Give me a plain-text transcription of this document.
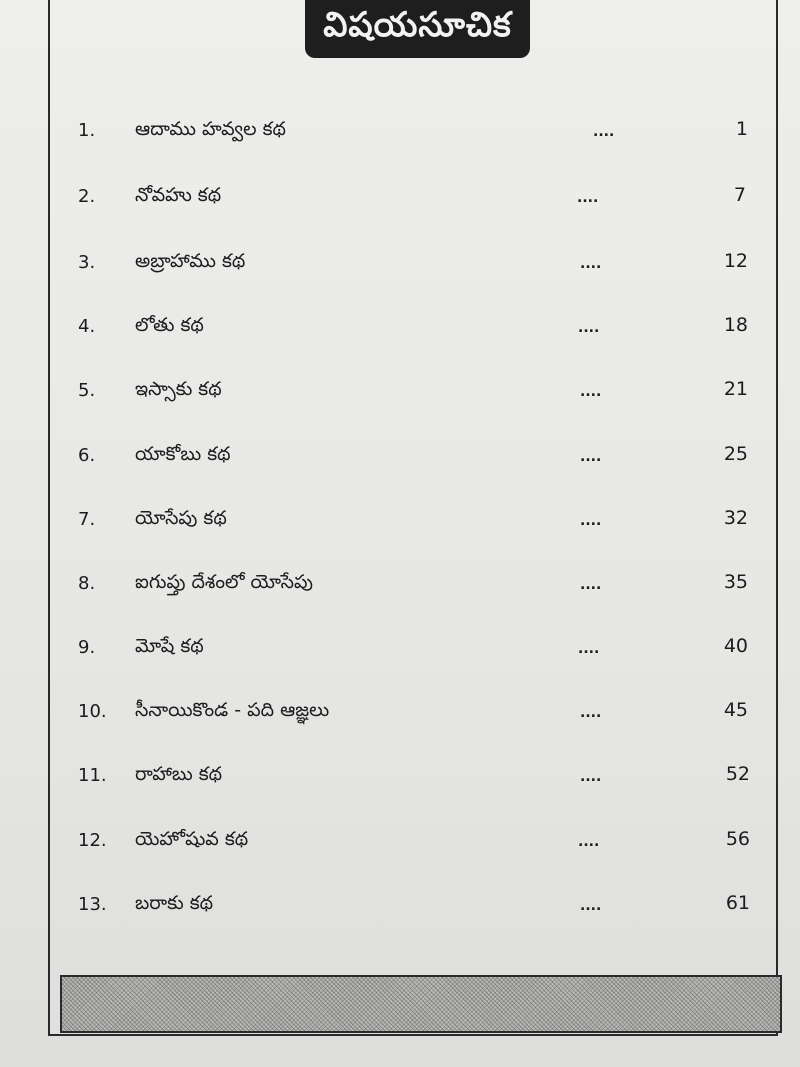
విషయసూచిక
1. ఆదాము హవ్వల కథ	....	1
2. నోవహు కథ	....	7
3. అబ్రాహాము కథ	....	12
4. లోతు కథ	....	18
5. ఇస్సాకు కథ	....	21
6. యాకోబు కథ	....	25
7. యోసేపు కథ	....	32
8. ఐగుప్తు దేశంలో యోసేపు	....	35
9. మోషే కథ	....	40
10. సీనాయికొండ - పది ఆజ్ఞలు	....	45
11. రాహాబు కథ	....	52
12. యెహోషువ కథ	....	56
13. బరాకు కథ	....	61
